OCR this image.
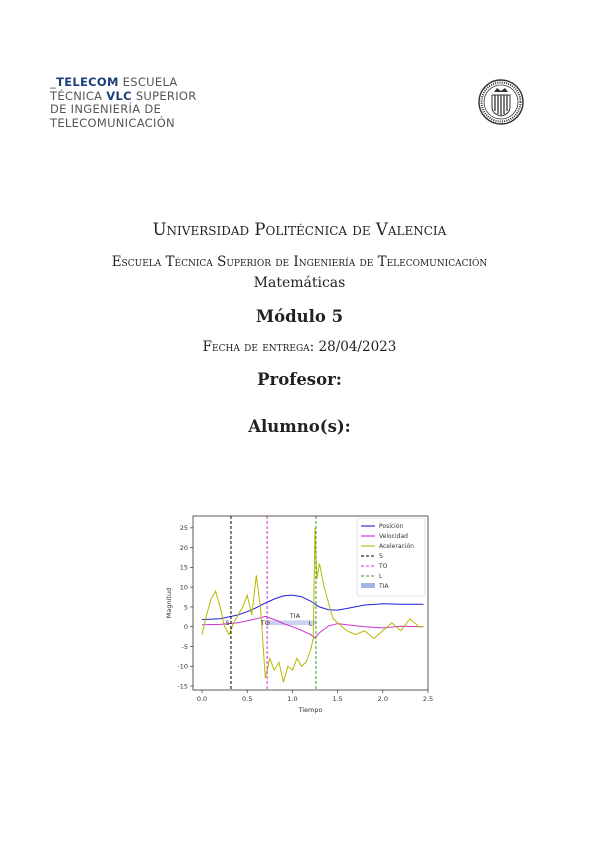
_TELECOM ESCUELA
TÉCNICA VLC SUPERIOR
DE INGENIERÍA DE
TELECOMUNICACIÓN
Universidad Politécnica de Valencia
Escuela Técnica Superior de Ingeniería de Telecomunicación
Matemáticas
Módulo 5
Fecha de entrega: 28/04/2023
Profesor:
Alumno(s):
S	TO
TIA
L
0.0	0.5	1.0	1.5	2.0	2.5
25
20
15
10
5
0
-5
-10
-15
Tiempo
Magnitud
Posición
Velocidad
Aceleración
S
TO
L
TIA
